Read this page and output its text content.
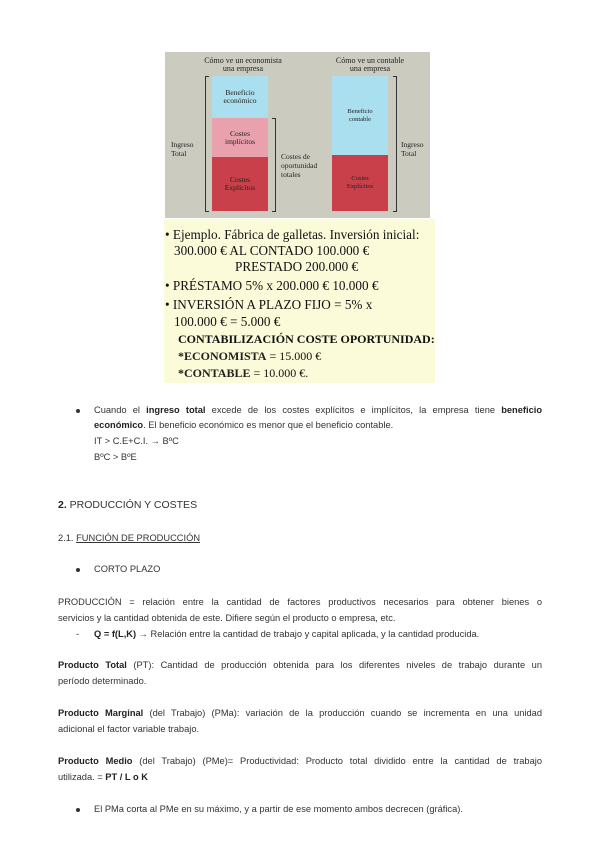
Cómo ve un economista
una empresa
Cómo ve un contable
una empresa
Beneficio
económico
Costes
implícitos
Costes
Explícitos
Beneficio
contable
Costes
Explícitos
Ingreso
Total	Costes de
oportunidad
totales
Ingreso
Total
• Ejemplo. Fábrica de galletas. Inversión inicial:
300.000 € AL CONTADO 100.000 €
PRESTADO 200.000 €
• PRÉSTAMO 5% x 200.000 € 10.000 €
• INVERSIÓN A PLAZO FIJO = 5% x
100.000 € = 5.000 €
CONTABILIZACIÓN COSTE OPORTUNIDAD:
*ECONOMISTA = 15.000 €
*CONTABLE = 10.000 €.
Cuando el ingreso total excede de los costes explícitos e implícitos, la empresa tiene beneficio
económico. El beneficio económico es menor que el beneficio contable.
IT > C.E+C.I. → BºC
BºC > BºE
2. PRODUCCIÓN Y COSTES
2.1. FUNCIÓN DE PRODUCCIÓN
CORTO PLAZO
PRODUCCIÓN = relación entre la cantidad de factores productivos necesarios para obtener bienes o
servicios y la cantidad obtenida de este. Difiere según el producto o empresa, etc.
- Q = f(L,K) → Relación entre la cantidad de trabajo y capital aplicada, y la cantidad producida.
Producto Total (PT): Cantidad de producción obtenida para los diferentes niveles de trabajo durante un
período determinado.
Producto Marginal (del Trabajo) (PMa): variación de la producción cuando se incrementa en una unidad
adicional el factor variable trabajo.
Producto Medio (del Trabajo) (PMe)= Productividad: Producto total dividido entre la cantidad de trabajo
utilizada. = PT / L o K
El PMa corta al PMe en su máximo, y a partir de ese momento ambos decrecen (gráfica).
